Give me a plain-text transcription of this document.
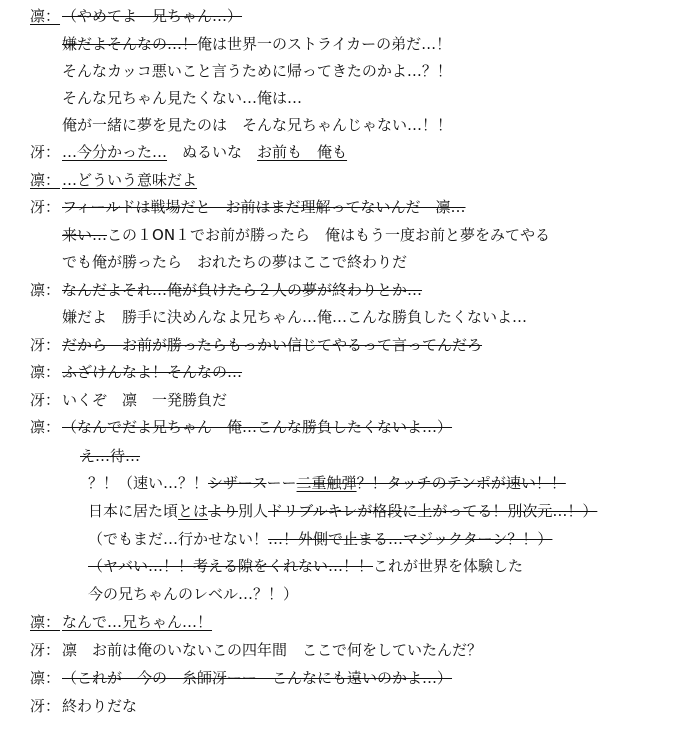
凛： （やめてよ　兄ちゃん…）
嫌だよそんなの…！俺は世界一のストライカーの弟だ…！
そんなカッコ悪いこと言うために帰ってきたのかよ…？！
そんな兄ちゃん見たくない…俺は…
俺が一緒に夢を見たのは　そんな兄ちゃんじゃない…！！
冴： …今分かった…　ぬるいな　お前も　俺も
凛： …どういう意味だよ
冴： フィールドは戦場だと　お前はまだ理解ってないんだ　凛…
来い…この１ON１でお前が勝ったら　俺はもう一度お前と夢をみてやる
でも俺が勝ったら　おれたちの夢はここで終わりだ
凛： なんだよそれ…俺が負けたら２人の夢が終わりとか…
嫌だよ　勝手に決めんなよ兄ちゃん…俺…こんな勝負したくないよ…
冴： だから　お前が勝ったらもっかい信じてやるって言ってんだろ
凛： ふざけんなよ！そんなの…
冴： いくぞ　凛　一発勝負だ
凛： （なんでだよ兄ちゃん　俺…こんな勝負したくないよ…）
え…待…
？！（速い…？！シザースーー二重触弾？！タッチのテンポが速い！！
日本に居た頃とはより別人ドリブルキレが格段に上がってる！別次元…！）
（でもまだ…行かせない！…！外側で止まる…マジックターン？！）
（ヤバい…！！考える隙をくれない…！！これが世界を体験した
今の兄ちゃんのレベル…？！）
凛： なんで…兄ちゃん…！
冴： 凛　お前は俺のいないこの四年間　ここで何をしていたんだ？
凛： （これが　今の　糸師冴ーー　こんなにも遠いのかよ…）
冴： 終わりだな
